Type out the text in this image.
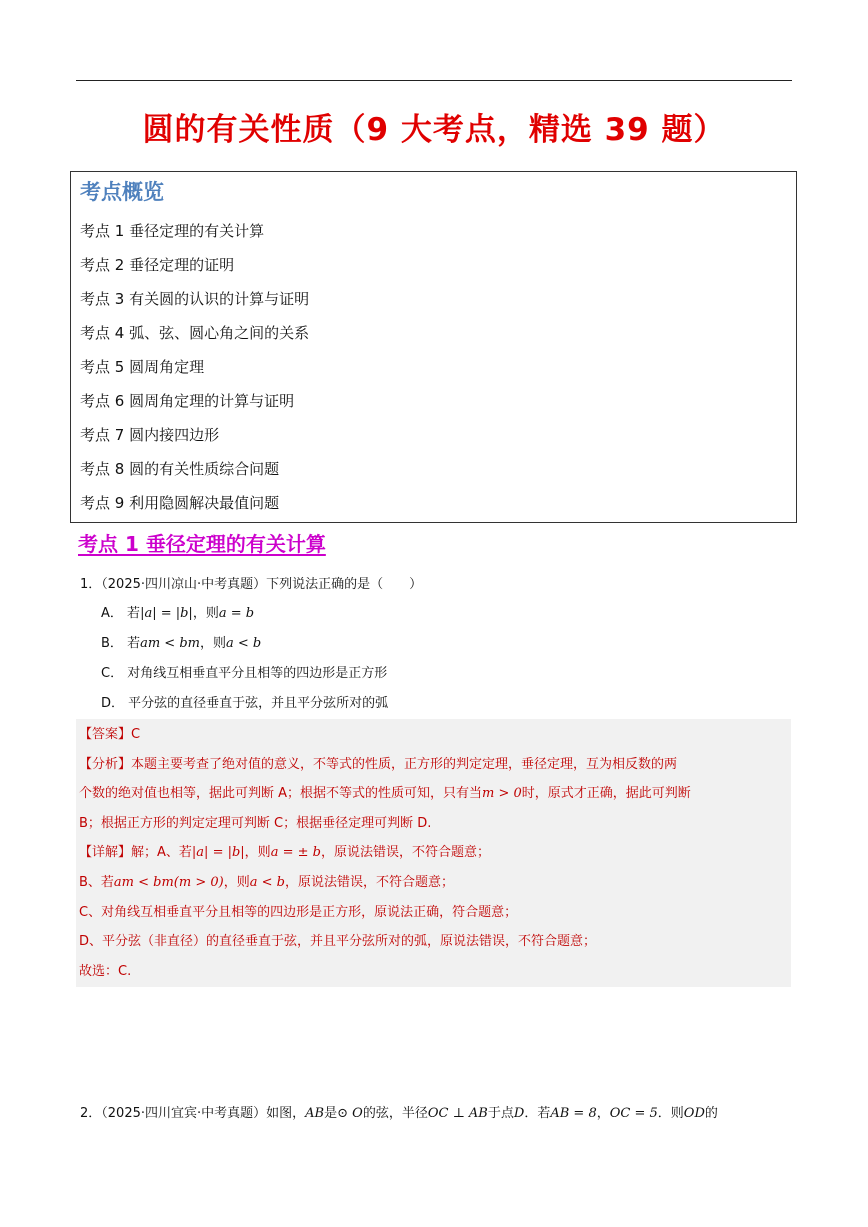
圆的有关性质（9 大考点，精选 39 题）
考点概览
考点 1 垂径定理的有关计算
考点 2 垂径定理的证明
考点 3 有关圆的认识的计算与证明
考点 4 弧、弦、圆心角之间的关系
考点 5 圆周角定理
考点 6 圆周角定理的计算与证明
考点 7 圆内接四边形
考点 8 圆的有关性质综合问题
考点 9 利用隐圆解决最值问题
考点 1 垂径定理的有关计算
1．（2025·四川凉山·中考真题）下列说法正确的是（　　）
A． 若|a| = |b|，则a = b
B． 若am < bm，则a < b
C． 对角线互相垂直平分且相等的四边形是正方形
D． 平分弦的直径垂直于弦，并且平分弦所对的弧
【答案】C
【分析】本题主要考查了绝对值的意义，不等式的性质，正方形的判定定理，垂径定理，互为相反数的两
个数的绝对值也相等，据此可判断 A；根据不等式的性质可知，只有当m > 0时，原式才正确，据此可判断
B；根据正方形的判定定理可判断 C；根据垂径定理可判断 D.
【详解】解；A、若|a| = |b|，则a = ± b，原说法错误，不符合题意；
B、若am < bm(m > 0)，则a < b，原说法错误，不符合题意；
C、对角线互相垂直平分且相等的四边形是正方形，原说法正确，符合题意；
D、平分弦（非直径）的直径垂直于弦，并且平分弦所对的弧，原说法错误，不符合题意；
故选：C.
2．（2025·四川宜宾·中考真题）如图，AB是⊙ O的弦，半径OC ⊥ AB于点D．若AB = 8，OC = 5．则OD的
